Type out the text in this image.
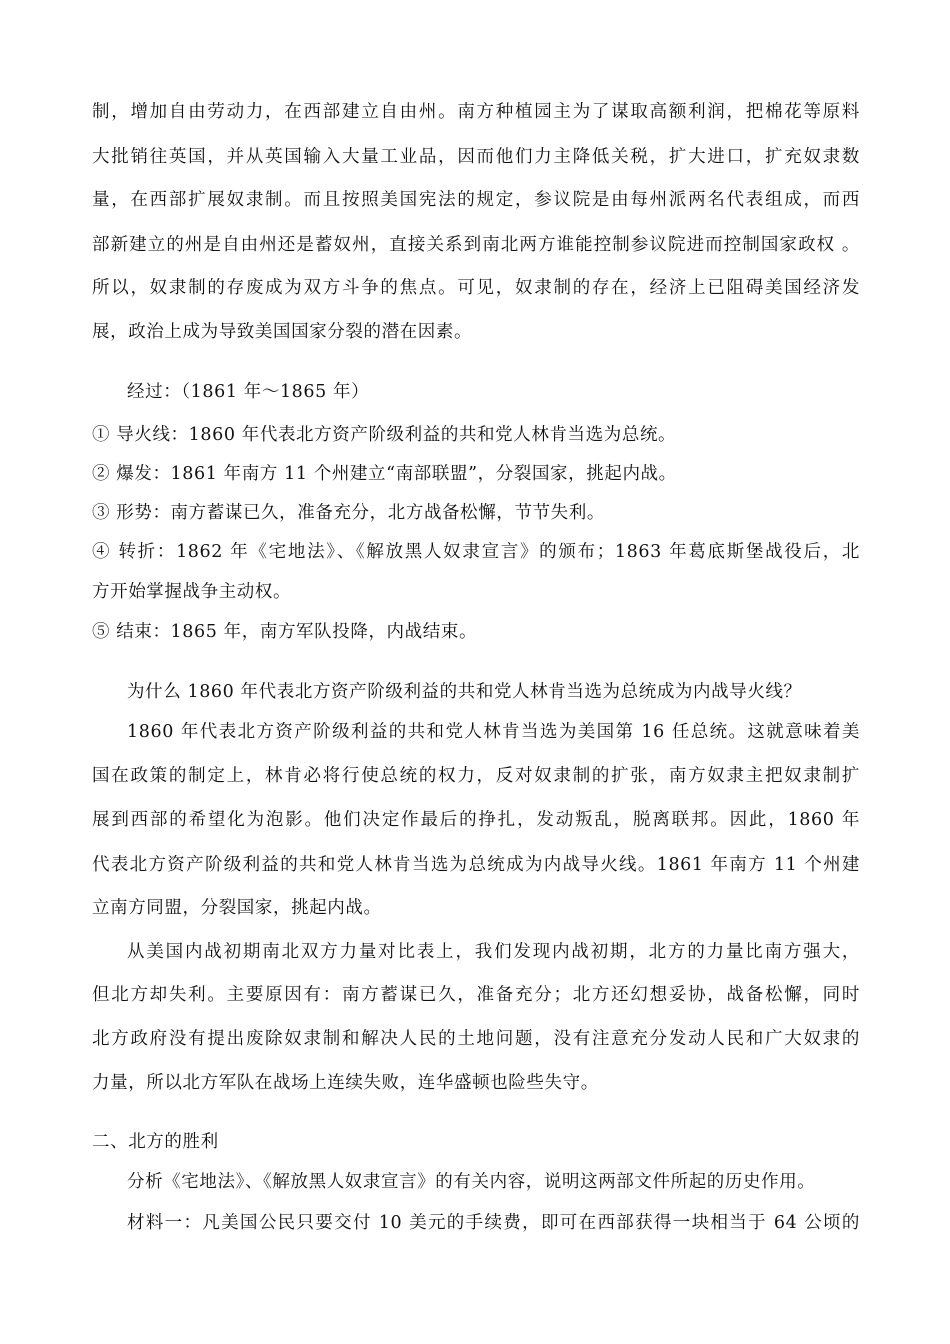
制，增加自由劳动力，在西部建立自由州。南方种植园主为了谋取高额利润，把棉花等原料
大批销往英国，并从英国输入大量工业品，因而他们力主降低关税，扩大进口，扩充奴隶数
量，在西部扩展奴隶制。而且按照美国宪法的规定，参议院是由每州派两名代表组成，而西
部新建立的州是自由州还是蓄奴州，直接关系到南北两方谁能控制参议院进而控制国家政权 。
所以，奴隶制的存废成为双方斗争的焦点。可见，奴隶制的存在，经济上已阻碍美国经济发
展，政治上成为导致美国国家分裂的潜在因素。
经过：（1861 年～1865 年）
① 导火线：1860 年代表北方资产阶级利益的共和党人林肯当选为总统。
② 爆发：1861 年南方 11 个州建立“南部联盟”，分裂国家，挑起内战。
③ 形势：南方蓄谋已久，准备充分，北方战备松懈，节节失利。
④ 转折：1862 年《宅地法》、《解放黑人奴隶宣言》的颁布；1863 年葛底斯堡战役后，北
方开始掌握战争主动权。
⑤ 结束：1865 年，南方军队投降，内战结束。
为什么 1860 年代表北方资产阶级利益的共和党人林肯当选为总统成为内战导火线？
1860 年代表北方资产阶级利益的共和党人林肯当选为美国第 16 任总统。这就意味着美
国在政策的制定上，林肯必将行使总统的权力，反对奴隶制的扩张，南方奴隶主把奴隶制扩
展到西部的希望化为泡影。他们决定作最后的挣扎，发动叛乱，脱离联邦。因此，1860 年
代表北方资产阶级利益的共和党人林肯当选为总统成为内战导火线。1861 年南方 11 个州建
立南方同盟，分裂国家，挑起内战。
从美国内战初期南北双方力量对比表上，我们发现内战初期，北方的力量比南方强大，
但北方却失利。主要原因有：南方蓄谋已久，准备充分；北方还幻想妥协，战备松懈，同时
北方政府没有提出废除奴隶制和解决人民的土地问题，没有注意充分发动人民和广大奴隶的
力量，所以北方军队在战场上连续失败，连华盛顿也险些失守。
二、北方的胜利
分析《宅地法》、《解放黑人奴隶宣言》的有关内容，说明这两部文件所起的历史作用。
材料一：凡美国公民只要交付 10 美元的手续费，即可在西部获得一块相当于 64 公顷的
